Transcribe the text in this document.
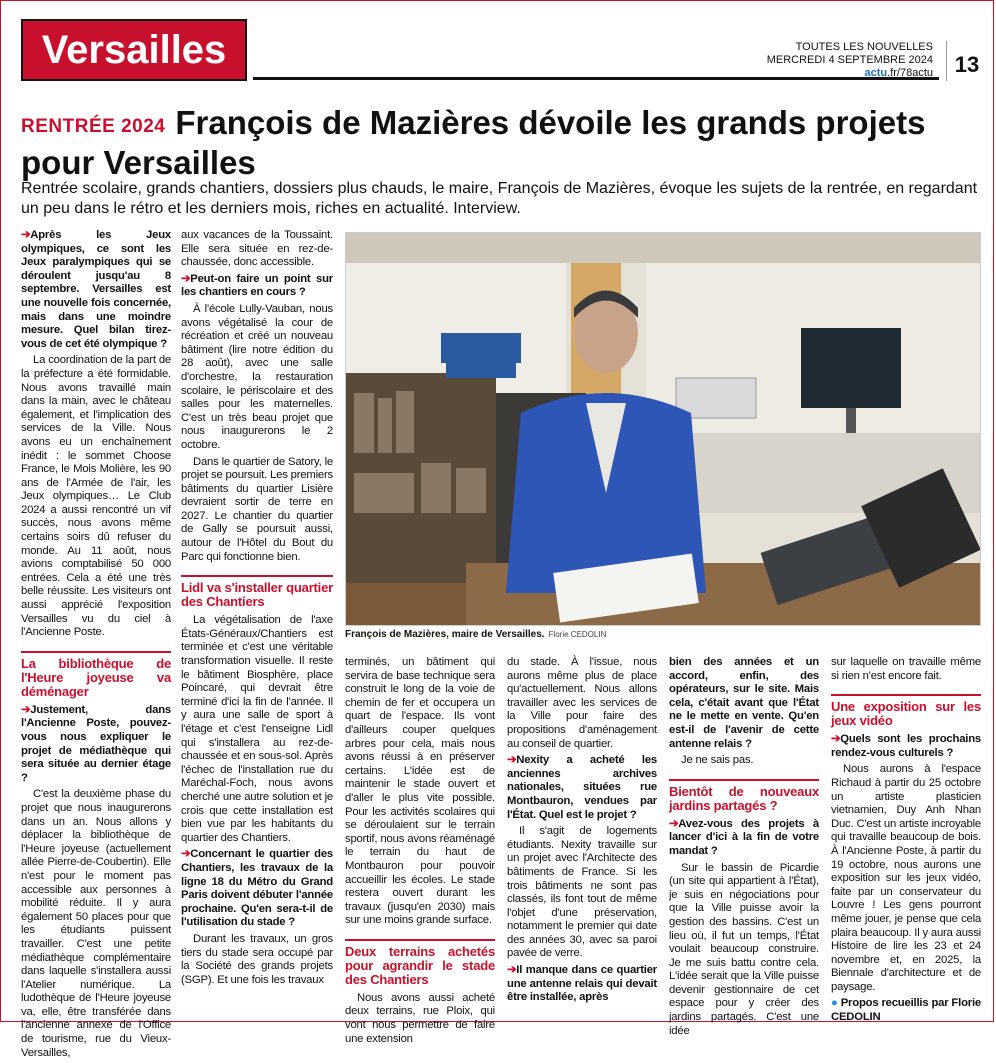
Versailles	TOUTES LES NOUVELLES
MERCREDI 4 SEPTEMBRE 2024
actu.fr/78actu 13
RENTRÉE 2024 François de Mazières dévoile les grands projets pour Versailles
Rentrée scolaire, grands chantiers, dossiers plus chauds, le maire, François de Mazières, évoque les sujets de la rentrée, en regardant un peu dans le rétro et les derniers mois, riches en actualité. Interview.

➔Après les Jeux olympiques, ce sont les Jeux paralympiques qui se déroulent jusqu'au 8 septembre. Versailles est une nouvelle fois concernée, mais dans une moindre mesure. Quel bilan tirez-vous de cet été olympique ?

La coordination de la part de la préfecture a été formidable. Nous avons travaillé main dans la main, avec le château également, et l'implication des services de la Ville. Nous avons eu un enchaînement inédit : le sommet Choose France, le Mois Molière, les 90 ans de l'Armée de l'air, les Jeux olympiques… Le Club 2024 a aussi rencontré un vif succès, nous avons même certains soirs dû refuser du monde. Au 11 août, nous avions comptabilisé 50 000 entrées. Cela a été une très belle réussite. Les visiteurs ont aussi apprécié l'exposition Versailles vu du ciel à l'Ancienne Poste.

La bibliothèque de l'Heure joyeuse va déménager

➔Justement, dans l'Ancienne Poste, pouvez-vous nous expliquer le projet de médiathèque qui sera située au dernier étage ?

C'est la deuxième phase du projet que nous inaugurerons dans un an. Nous allons y déplacer la bibliothèque de l'Heure joyeuse (actuellement allée Pierre-de-Coubertin). Elle n'est pour le moment pas accessible aux personnes à mobilité réduite. Il y aura également 50 places pour que les étudiants puissent travailler. C'est une petite médiathèque complémentaire dans laquelle s'installera aussi l'Atelier numérique. La ludothèque de l'Heure joyeuse va, elle, être transférée dans l'ancienne annexe de l'Office de tourisme, rue du Vieux-Versailles,

aux vacances de la Toussaint. Elle sera située en rez-de-chaussée, donc accessible.

➔Peut-on faire un point sur les chantiers en cours ?

À l'école Lully-Vauban, nous avons végétalisé la cour de récréation et créé un nouveau bâtiment (lire notre édition du 28 août), avec une salle d'orchestre, la restauration scolaire, le périscolaire et des salles pour les maternelles. C'est un très beau projet que nous inaugurerons le 2 octobre.

Dans le quartier de Satory, le projet se poursuit. Les premiers bâtiments du quartier Lisière devraient sortir de terre en 2027. Le chantier du quartier de Gally se poursuit aussi, autour de l'Hôtel du Bout du Parc qui fonctionne bien.

Lidl va s'installer quartier des Chantiers

La végétalisation de l'axe États-Généraux/Chantiers est terminée et c'est une véritable transformation visuelle. Il reste le bâtiment Biosphère, place Poincaré, qui devrait être terminé d'ici la fin de l'année. Il y aura une salle de sport à l'étage et c'est l'enseigne Lidl qui s'installera au rez-de-chaussée et en sous-sol. Après l'échec de l'installation rue du Maréchal-Foch, nous avons cherché une autre solution et je crois que cette installation est bien vue par les habitants du quartier des Chantiers.

➔Concernant le quartier des Chantiers, les travaux de la ligne 18 du Métro du Grand Paris doivent débuter l'année prochaine. Qu'en sera-t-il de l'utilisation du stade ?

Durant les travaux, un gros tiers du stade sera occupé par la Société des grands projets (SGP). Et une fois les travaux

François de Mazières, maire de Versailles. Florie CEDOLIN

terminés, un bâtiment qui servira de base technique sera construit le long de la voie de chemin de fer et occupera un quart de l'espace. Ils vont d'ailleurs couper quelques arbres pour cela, mais nous avons réussi à en préserver certains. L'idée est de maintenir le stade ouvert et d'aller le plus vite possible. Pour les activités scolaires qui se déroulaient sur le terrain sportif, nous avons réaménagé le terrain du haut de Montbauron pour pouvoir accueillir les écoles. Le stade restera ouvert durant les travaux (jusqu'en 2030) mais sur une moins grande surface.

Deux terrains achetés pour agrandir le stade des Chantiers

Nous avons aussi acheté deux terrains, rue Ploix, qui vont nous permettre de faire une extension

du stade. À l'issue, nous aurons même plus de place qu'actuellement. Nous allons travailler avec les services de la Ville pour faire des propositions d'aménagement au conseil de quartier.

➔Nexity a acheté les anciennes archives nationales, situées rue Montbauron, vendues par l'État. Quel est le projet ?

Il s'agit de logements étudiants. Nexity travaille sur un projet avec l'Architecte des bâtiments de France. Si les trois bâtiments ne sont pas classés, ils font tout de même l'objet d'une préservation, notamment le premier qui date des années 30, avec sa paroi pavée de verre.

➔Il manque dans ce quartier une antenne relais qui devait être installée, après

bien des années et un accord, enfin, des opérateurs, sur le site. Mais cela, c'était avant que l'État ne le mette en vente. Qu'en est-il de l'avenir de cette antenne relais ?

Je ne sais pas.

Bientôt de nouveaux jardins partagés ?

➔Avez-vous des projets à lancer d'ici à la fin de votre mandat ?

Sur le bassin de Picardie (un site qui appartient à l'État), je suis en négociations pour que la Ville puisse avoir la gestion des bassins. C'est un lieu où, il fut un temps, l'État voulait beaucoup construire. Je me suis battu contre cela. L'idée serait que la Ville puisse devenir gestionnaire de cet espace pour y créer des jardins partagés. C'est une idée

sur laquelle on travaille même si rien n'est encore fait.

Une exposition sur les jeux vidéo

➔Quels sont les prochains rendez-vous culturels ?

Nous aurons à l'espace Richaud à partir du 25 octobre un artiste plasticien vietnamien, Duy Anh Nhan Duc. C'est un artiste incroyable qui travaille beaucoup de bois. À l'Ancienne Poste, à partir du 19 octobre, nous aurons une exposition sur les jeux vidéo, faite par un conservateur du Louvre ! Les gens pourront même jouer, je pense que cela plaira beaucoup. Il y aura aussi Histoire de lire les 23 et 24 novembre et, en 2025, la Biennale d'architecture et de paysage.

● Propos recueillis par Florie CEDOLIN
